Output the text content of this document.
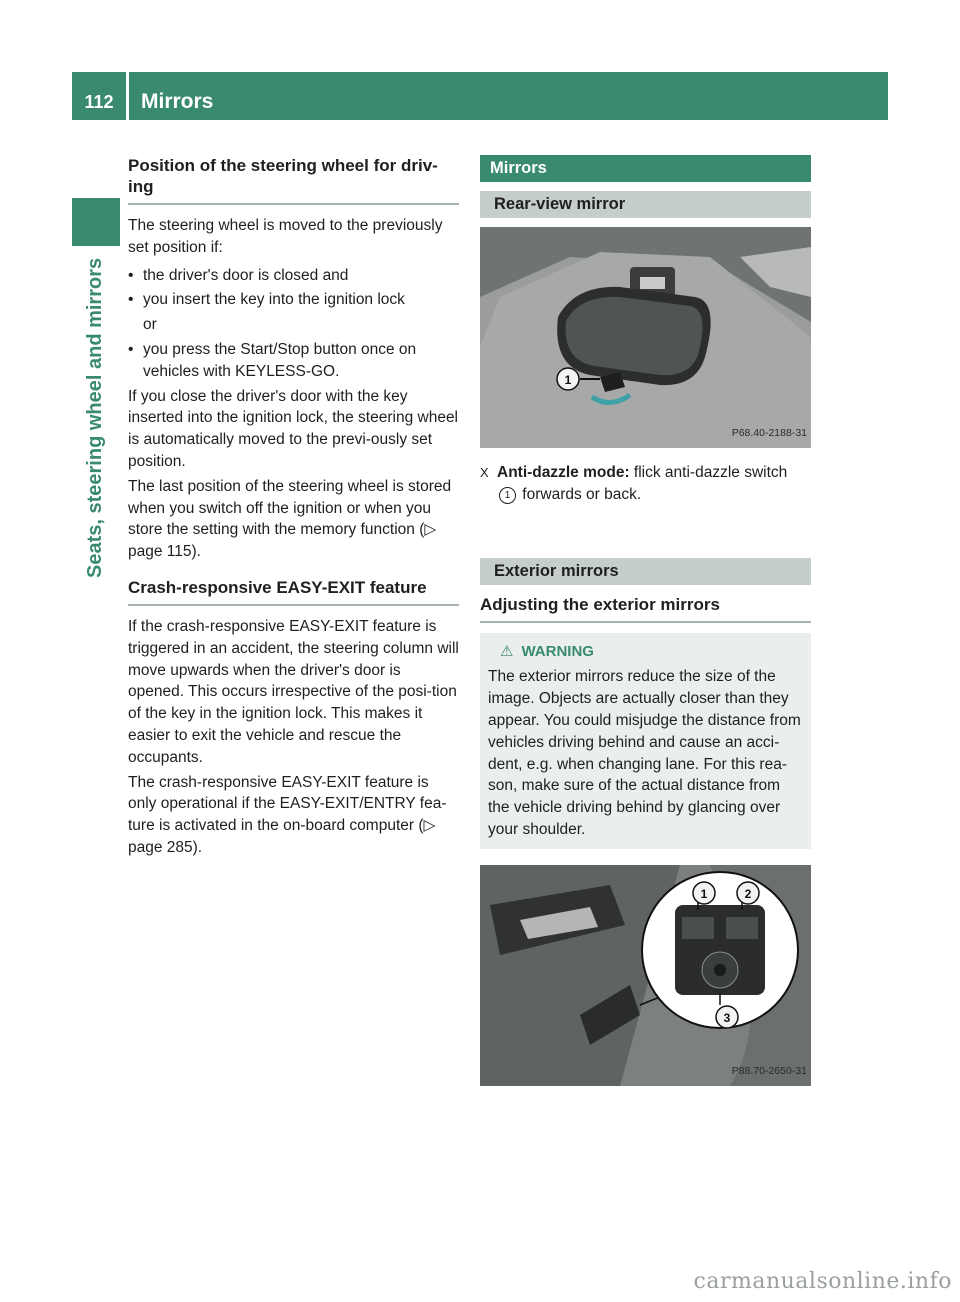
112	Mirrors
Seats, steering wheel and mirrors
Position of the steering wheel for driv-ing

The steering wheel is moved to the previously set position if:

• the driver's door is closed and

• you insert the key into the ignition lock

or

• you press the Start/Stop button once on vehicles with KEYLESS-GO.

If you close the driver's door with the key inserted into the ignition lock, the steering wheel is automatically moved to the previ-ously set position.

The last position of the steering wheel is stored when you switch off the ignition or when you store the setting with the memory function (▷ page 115).

Crash-responsive EASY-EXIT feature

If the crash-responsive EASY-EXIT feature is triggered in an accident, the steering column will move upwards when the driver's door is opened. This occurs irrespective of the posi-tion of the key in the ignition lock. This makes it easier to exit the vehicle and rescue the occupants.

The crash-responsive EASY-EXIT feature is only operational if the EASY-EXIT/ENTRY fea-ture is activated in the on-board computer (▷ page 285).

Mirrors
Rear-view mirror
1
P68.40-2188-31

X Anti-dazzle mode: flick anti-dazzle switch 1 forwards or back.

Exterior mirrors
Adjusting the exterior mirrors
⚠ WARNING

The exterior mirrors reduce the size of the image. Objects are actually closer than they appear. You could misjudge the distance from vehicles driving behind and cause an acci-dent, e.g. when changing lane. For this rea-son, make sure of the actual distance from the vehicle driving behind by glancing over your shoulder.

1	2
3
P88.70-2650-31
carmanualsonline.info
